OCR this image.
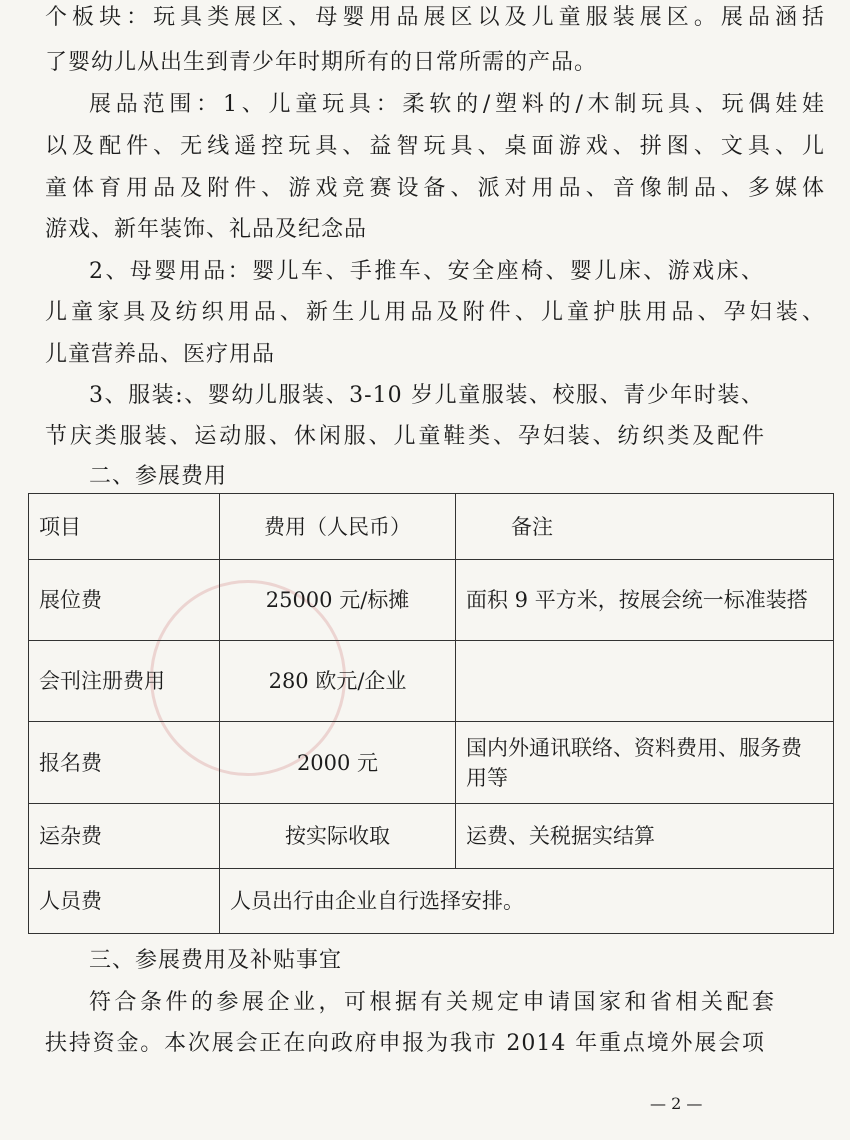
个板块：玩具类展区、母婴用品展区以及儿童服装展区。展品涵括
了婴幼儿从出生到青少年时期所有的日常所需的产品。
展品范围：1、儿童玩具：柔软的/塑料的/木制玩具、玩偶娃娃
以及配件、无线遥控玩具、益智玩具、桌面游戏、拼图、文具、儿
童体育用品及附件、游戏竞赛设备、派对用品、音像制品、多媒体
游戏、新年装饰、礼品及纪念品
2、母婴用品：婴儿车、手推车、安全座椅、婴儿床、游戏床、
儿童家具及纺织用品、新生儿用品及附件、儿童护肤用品、孕妇装、
儿童营养品、医疗用品
3、服装:、婴幼儿服装、3-10 岁儿童服装、校服、青少年时装、
节庆类服装、运动服、休闲服、儿童鞋类、孕妇装、纺织类及配件
二、参展费用
项目	费用（人民币）	备注
展位费	25000 元/标摊	面积 9 平方米，按展会统一标准装搭
会刊注册费用	280 欧元/企业	
报名费	2000 元	国内外通讯联络、资料费用、服务费
用等

运杂费	按实际收取	运费、关税据实结算
人员费	人员出行由企业自行选择安排。	
三、参展费用及补贴事宜
符合条件的参展企业，可根据有关规定申请国家和省相关配套
扶持资金。本次展会正在向政府申报为我市 2014 年重点境外展会项
— 2 —
